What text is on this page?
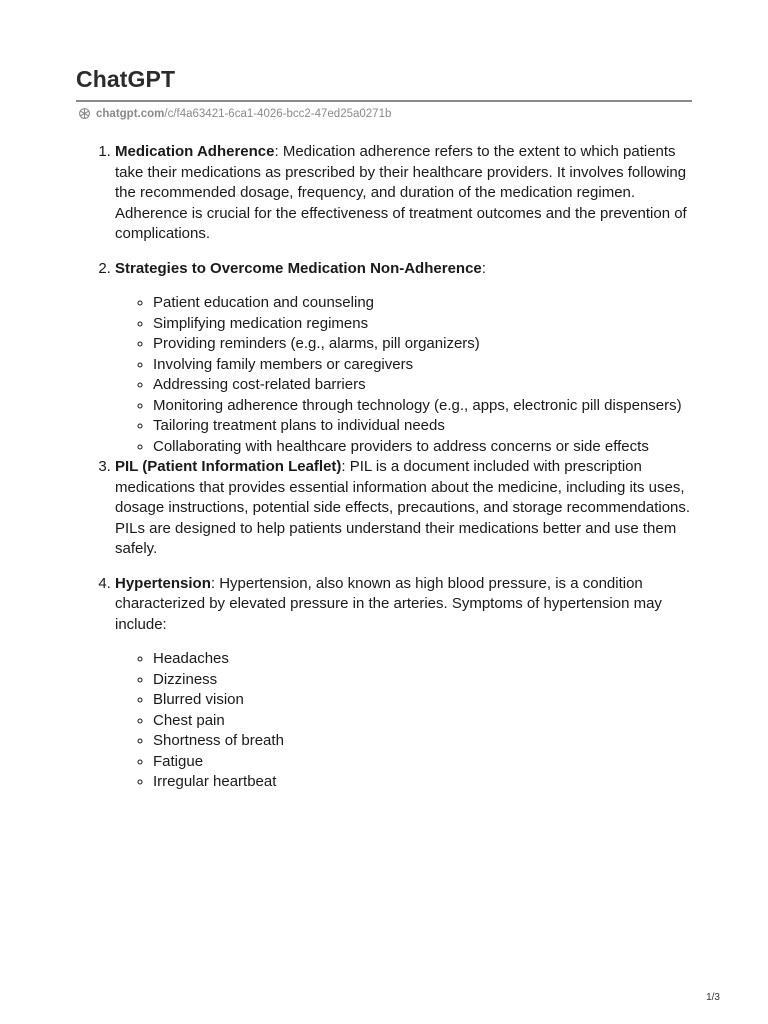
ChatGPT
chatgpt.com /c/f4a63421-6ca1-4026-bcc2-47ed25a0271b

1. Medication Adherence: Medication adherence refers to the extent to which patients take their medications as prescribed by their healthcare providers. It involves following the recommended dosage, frequency, and duration of the medication regimen. Adherence is crucial for the effectiveness of treatment outcomes and the prevention of complications.

2. Strategies to Overcome Medication Non-Adherence:

◦ Patient education and counseling
◦ Simplifying medication regimens
◦ Providing reminders (e.g., alarms, pill organizers)
◦ Involving family members or caregivers
◦ Addressing cost-related barriers
◦ Monitoring adherence through technology (e.g., apps, electronic pill dispensers)
◦ Tailoring treatment plans to individual needs
◦ Collaborating with healthcare providers to address concerns or side effects

3. PIL (Patient Information Leaflet): PIL is a document included with prescription medications that provides essential information about the medicine, including its uses, dosage instructions, potential side effects, precautions, and storage recommendations. PILs are designed to help patients understand their medications better and use them safely.

4. Hypertension: Hypertension, also known as high blood pressure, is a condition characterized by elevated pressure in the arteries. Symptoms of hypertension may include:

◦ Headaches
◦ Dizziness
◦ Blurred vision
◦ Chest pain
◦ Shortness of breath
◦ Fatigue
◦ Irregular heartbeat
1/3
